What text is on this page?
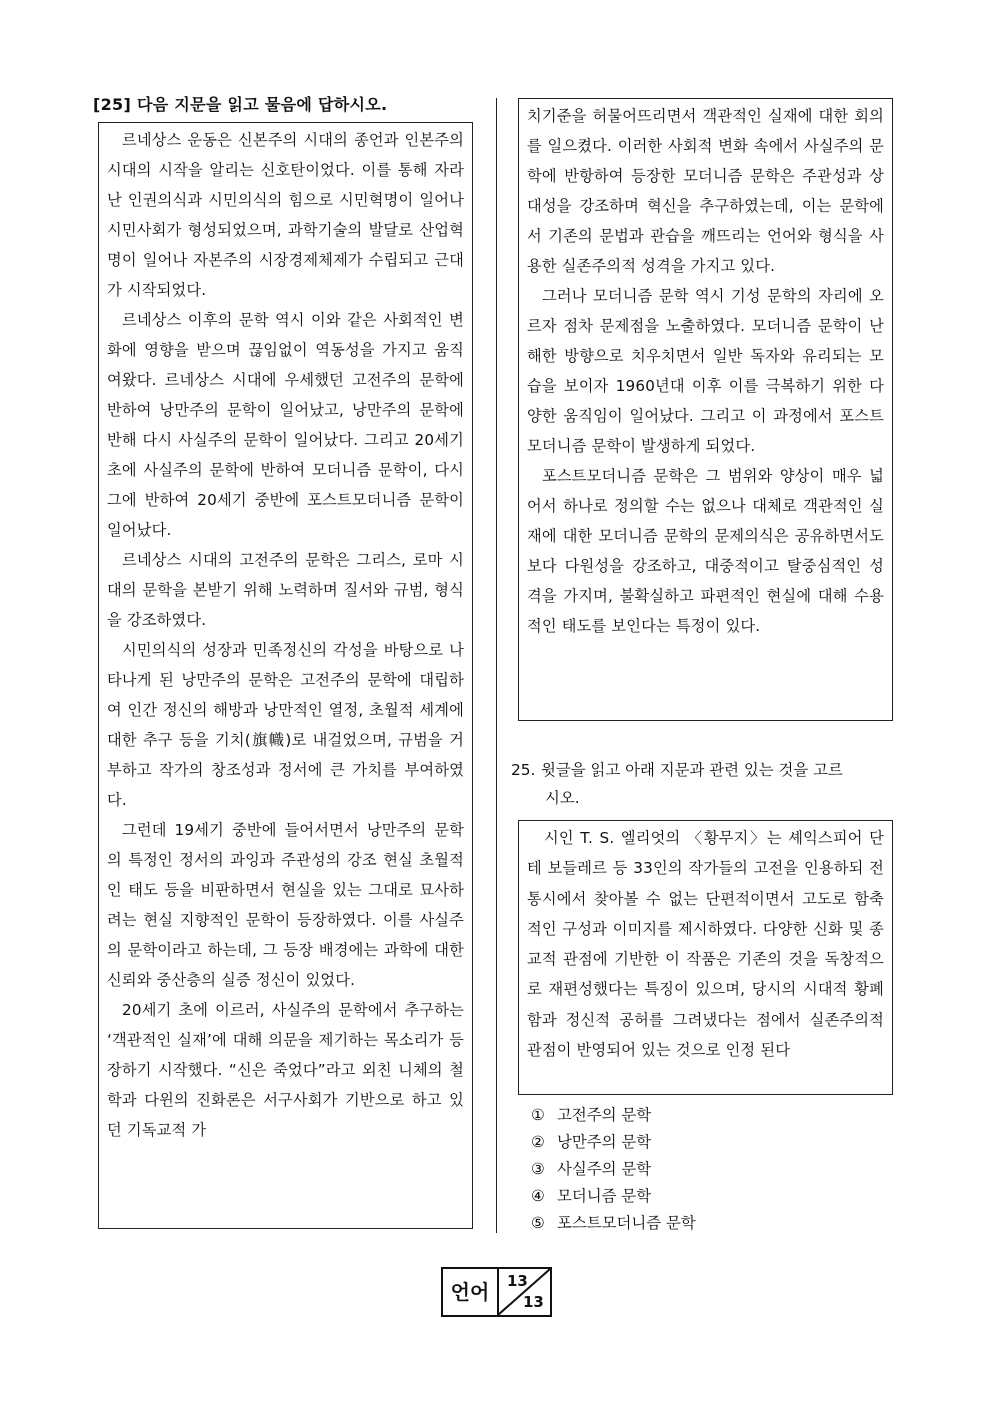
[25] 다음 지문을 읽고 물음에 답하시오.

르네상스 운동은 신본주의 시대의 종언과 인본주의 시대의 시작을 알리는 신호탄이었다. 이를 통해 자라난 인권의식과 시민의식의 힘으로 시민혁명이 일어나 시민사회가 형성되었으며, 과학기술의 발달로 산업혁명이 일어나 자본주의 시장경제체제가 수립되고 근대가 시작되었다.

르네상스 이후의 문학 역시 이와 같은 사회적인 변화에 영향을 받으며 끊임없이 역동성을 가지고 움직여왔다. 르네상스 시대에 우세했던 고전주의 문학에 반하여 낭만주의 문학이 일어났고, 낭만주의 문학에 반해 다시 사실주의 문학이 일어났다. 그리고 20세기 초에 사실주의 문학에 반하여 모더니즘 문학이, 다시 그에 반하여 20세기 중반에 포스트모더니즘 문학이 일어났다.

르네상스 시대의 고전주의 문학은 그리스, 로마 시대의 문학을 본받기 위해 노력하며 질서와 규범, 형식을 강조하였다.

시민의식의 성장과 민족정신의 각성을 바탕으로 나타나게 된 낭만주의 문학은 고전주의 문학에 대립하여 인간 정신의 해방과 낭만적인 열정, 초월적 세계에 대한 추구 등을 기치(旗幟)로 내걸었으며, 규범을 거부하고 작가의 창조성과 정서에 큰 가치를 부여하였다.

그런데 19세기 중반에 들어서면서 낭만주의 문학의 특정인 정서의 과잉과 주관성의 강조 현실 초월적인 태도 등을 비판하면서 현실을 있는 그대로 묘사하려는 현실 지향적인 문학이 등장하였다. 이를 사실주의 문학이라고 하는데, 그 등장 배경에는 과학에 대한 신뢰와 중산층의 실증 정신이 있었다.

20세기 초에 이르러, 사실주의 문학에서 추구하는 ‘객관적인 실재’에 대해 의문을 제기하는 목소리가 등장하기 시작했다. “신은 죽었다”라고 외친 니체의 철학과 다윈의 진화론은 서구사회가 기반으로 하고 있던 기독교적 가

치기준을 허물어뜨리면서 객관적인 실재에 대한 회의를 일으켰다. 이러한 사회적 변화 속에서 사실주의 문학에 반항하여 등장한 모더니즘 문학은 주관성과 상대성을 강조하며 혁신을 추구하였는데, 이는 문학에서 기존의 문법과 관습을 깨뜨리는 언어와 형식을 사용한 실존주의적 성격을 가지고 있다.

그러나 모더니즘 문학 역시 기성 문학의 자리에 오르자 점차 문제점을 노출하였다. 모더니즘 문학이 난해한 방향으로 치우치면서 일반 독자와 유리되는 모습을 보이자 1960년대 이후 이를 극복하기 위한 다양한 움직임이 일어났다. 그리고 이 과정에서 포스트모더니즘 문학이 발생하게 되었다.

포스트모더니즘 문학은 그 범위와 양상이 매우 넓어서 하나로 정의할 수는 없으나 대체로 객관적인 실재에 대한 모더니즘 문학의 문제의식은 공유하면서도 보다 다원성을 강조하고, 대중적이고 탈중심적인 성격을 가지며, 불확실하고 파편적인 현실에 대해 수용적인 태도를 보인다는 특정이 있다.

25. 윗글을 읽고 아래 지문과 관련 있는 것을 고르
시오.

시인 T. S. 엘리엇의 〈황무지〉는 셰익스피어 단테 보들레르 등 33인의 작가들의 고전을 인용하되 전통시에서 찾아볼 수 없는 단편적이면서 고도로 함축적인 구성과 이미지를 제시하였다. 다양한 신화 및 종교적 관점에 기반한 이 작품은 기존의 것을 독창적으로 재편성했다는 특징이 있으며, 당시의 시대적 황폐함과 정신적 공허를 그려냈다는 점에서 실존주의적 관점이 반영되어 있는 것으로 인정 된다

① 고전주의 문학
② 낭만주의 문학
③ 사실주의 문학
④ 모더니즘 문학
⑤ 포스트모더니즘 문학
언어	13
13
